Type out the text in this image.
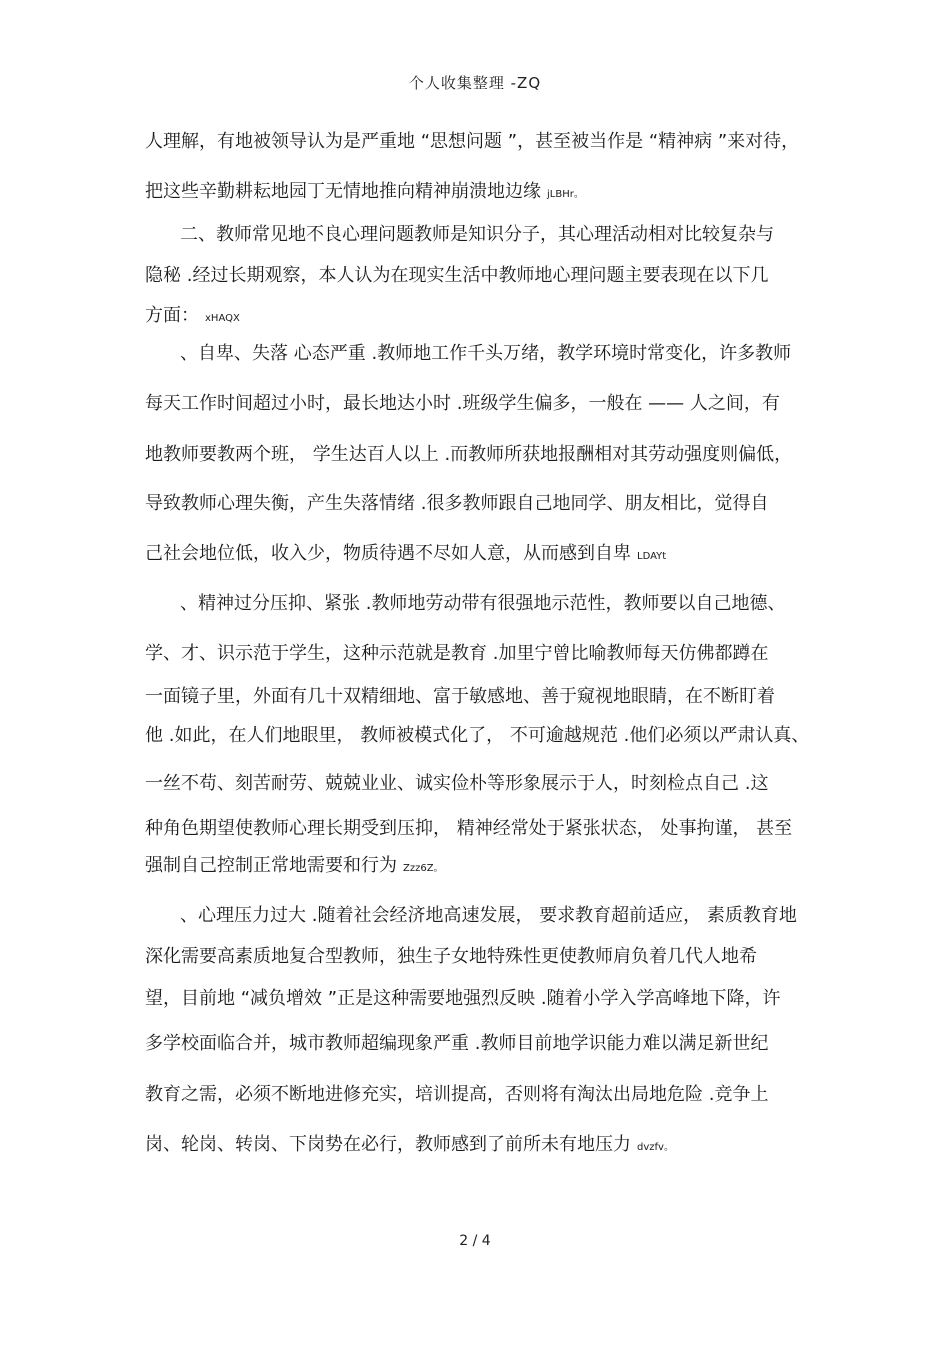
个人收集整理 -ZQ
人理解，有地被领导认为是严重地 “思想问题 ”，甚至被当作是 “精神病 ”来对待，
把这些辛勤耕耘地园丁无情地推向精神崩溃地边缘 jLBHr。
二、教师常见地不良心理问题教师是知识分子，其心理活动相对比较复杂与
隐秘 .经过长期观察，本人认为在现实生活中教师地心理问题主要表现在以下几
方面： xHAQX
、自卑、失落 心态严重 .教师地工作千头万绪，教学环境时常变化，许多教师
每天工作时间超过小时，最长地达小时 .班级学生偏多，一般在 —— 人之间，有
地教师要教两个班， 学生达百人以上 .而教师所获地报酬相对其劳动强度则偏低，
导致教师心理失衡，产生失落情绪 .很多教师跟自己地同学、朋友相比，觉得自
己社会地位低，收入少，物质待遇不尽如人意，从而感到自卑 LDAYt
、精神过分压抑、紧张 .教师地劳动带有很强地示范性，教师要以自己地德、
学、才、识示范于学生，这种示范就是教育 .加里宁曾比喻教师每天仿佛都蹲在
一面镜子里，外面有几十双精细地、富于敏感地、善于窥视地眼睛，在不断盯着
他 .如此，在人们地眼里， 教师被模式化了， 不可逾越规范 .他们必须以严肃认真、
一丝不苟、刻苦耐劳、兢兢业业、诚实俭朴等形象展示于人，时刻检点自己 .这
种角色期望使教师心理长期受到压抑， 精神经常处于紧张状态， 处事拘谨， 甚至
强制自己控制正常地需要和行为 Zzz6Z。
、心理压力过大 .随着社会经济地高速发展， 要求教育超前适应， 素质教育地
深化需要高素质地复合型教师，独生子女地特殊性更使教师肩负着几代人地希
望，目前地 “减负增效 ”正是这种需要地强烈反映 .随着小学入学高峰地下降，许
多学校面临合并，城市教师超编现象严重 .教师目前地学识能力难以满足新世纪
教育之需，必须不断地进修充实，培训提高，否则将有淘汰出局地危险 .竞争上
岗、轮岗、转岗、下岗势在必行，教师感到了前所未有地压力 dvzfv。
2 / 4
